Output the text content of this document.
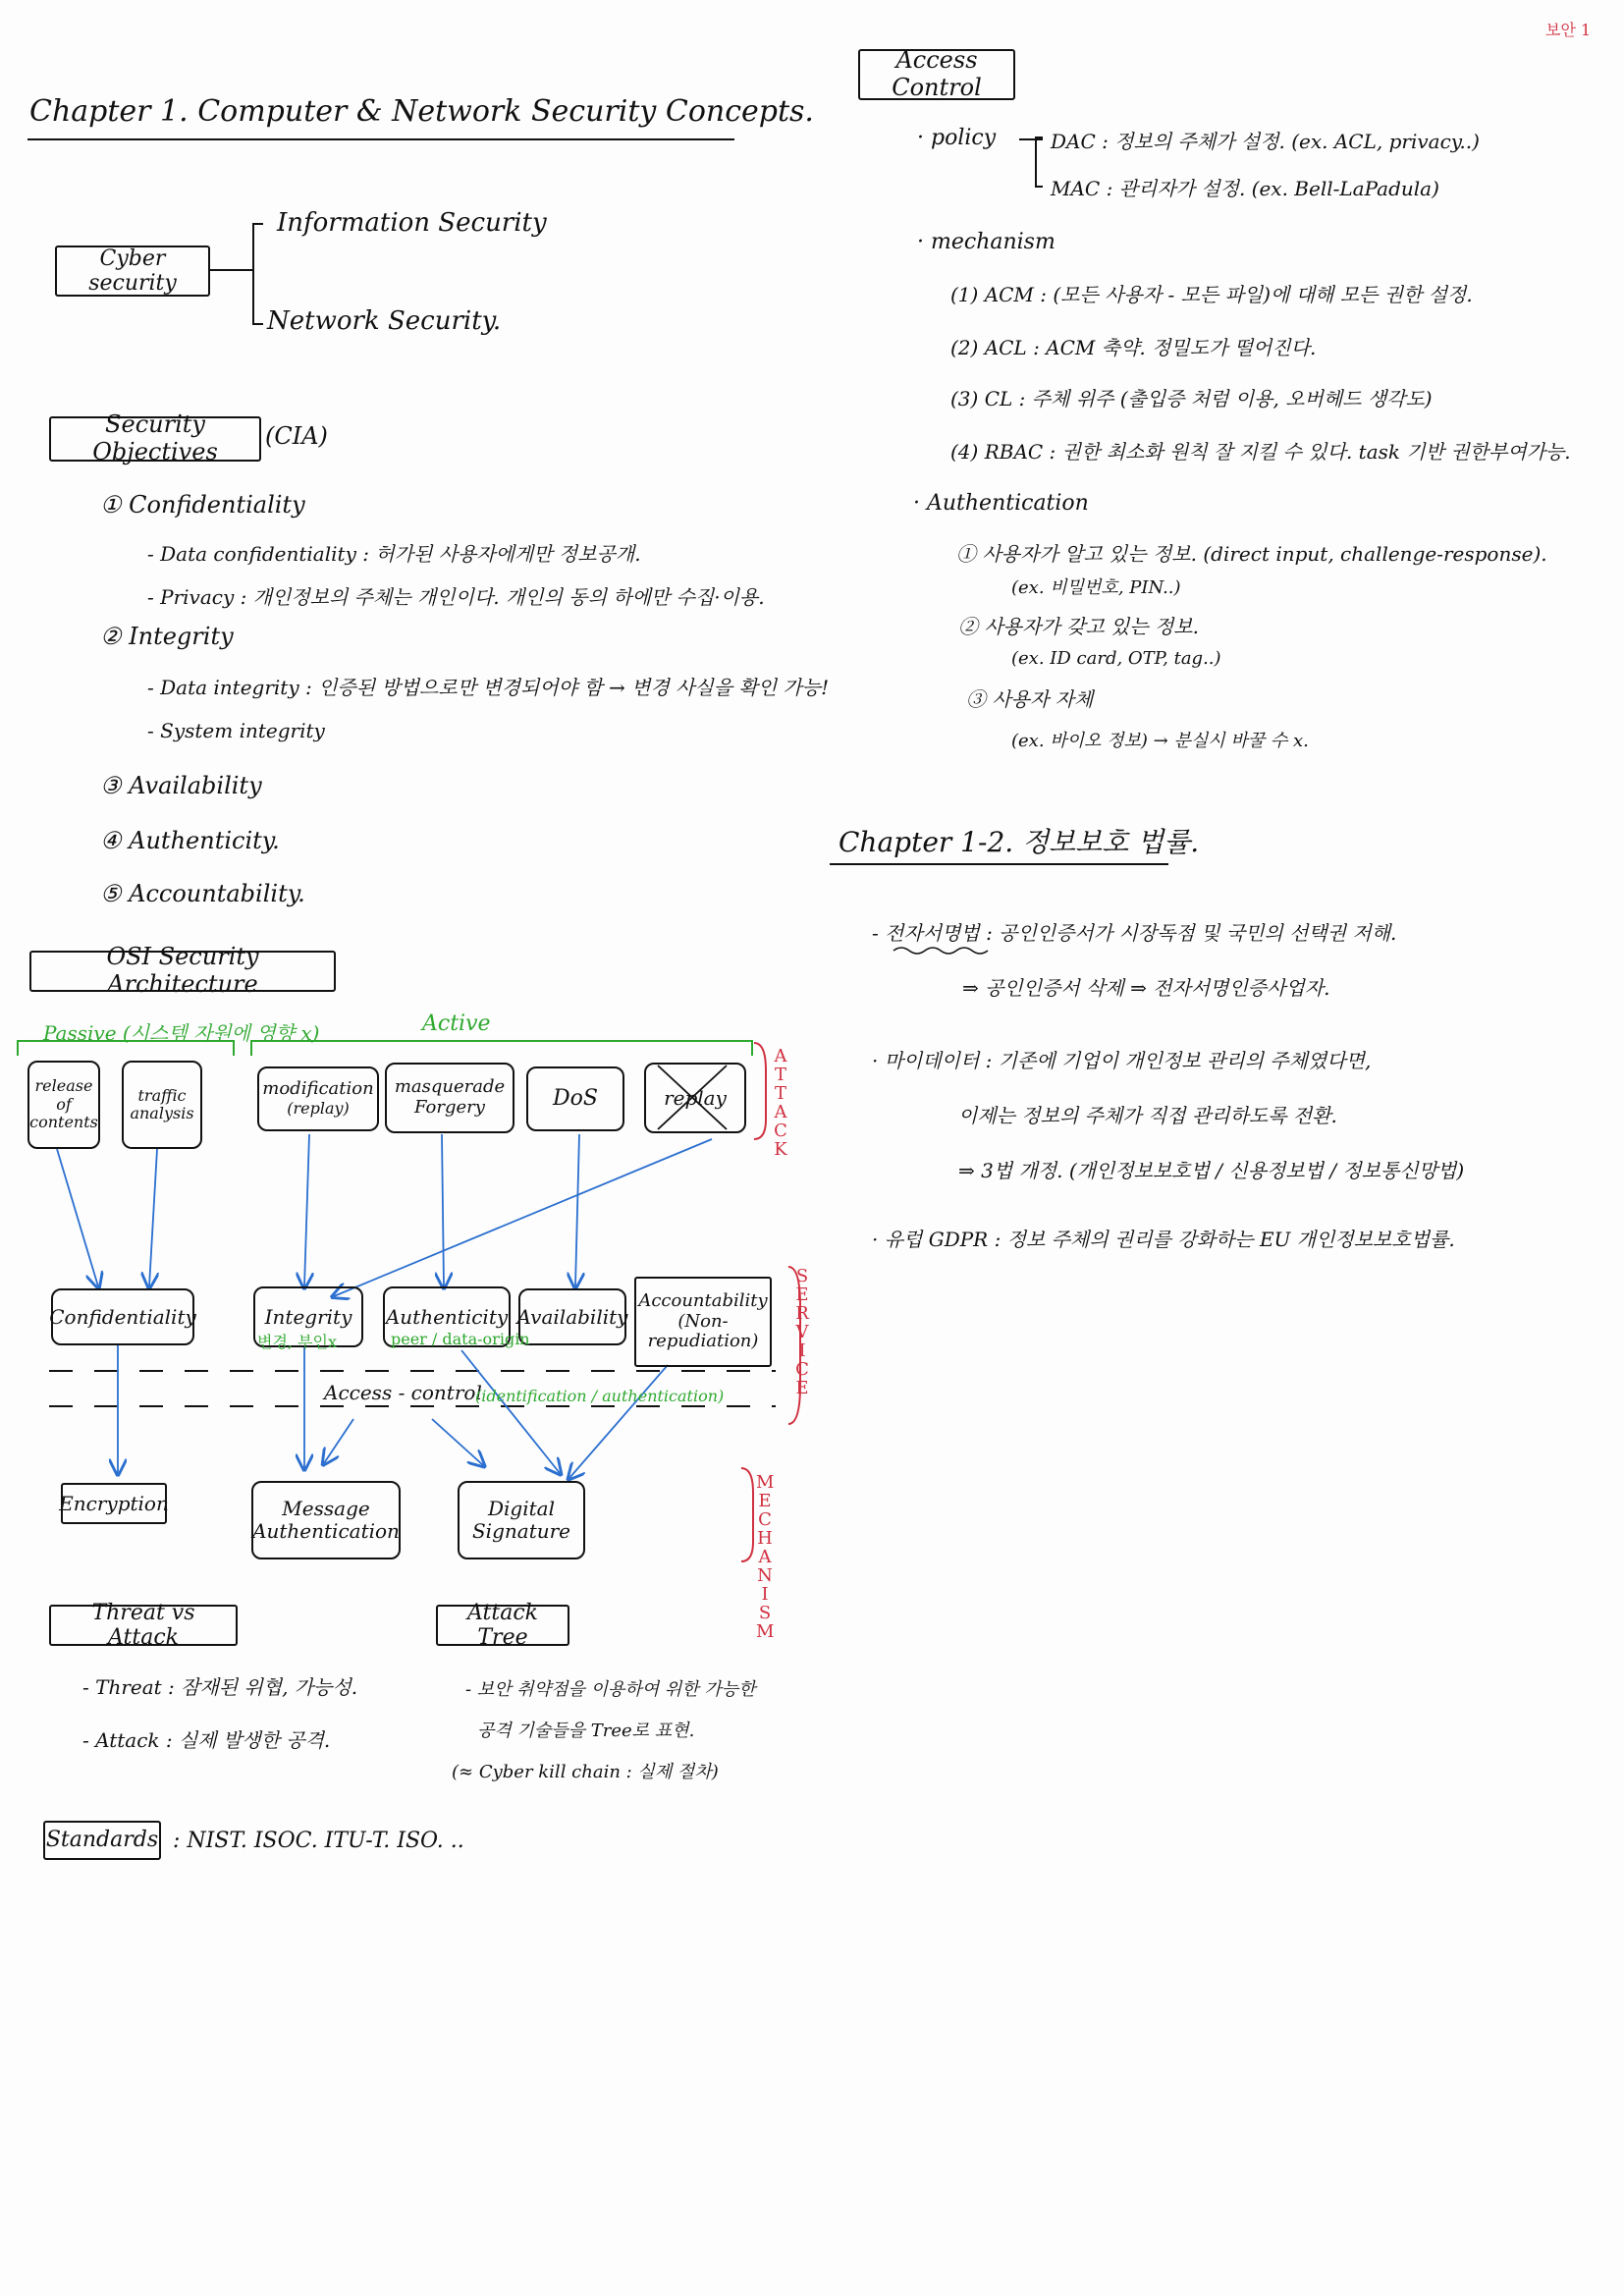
보안 1
Chapter 1. Computer & Network Security Concepts.
Cyber security
Information Security
Network Security.
Security Objectives
(CIA)
① Confidentiality
- Data confidentiality : 허가된 사용자에게만 정보공개.
- Privacy : 개인정보의 주체는 개인이다. 개인의 동의 하에만 수집·이용.
② Integrity
- Data integrity : 인증된 방법으로만 변경되어야 함 → 변경 사실을 확인 가능!
- System integrity
③ Availability
④ Authenticity.
⑤ Accountability.
OSI Security Architecture
Passive (시스템 자원에 영향 x)	Active
ATTACK
release of contents
traffic analysis
modification
(replay)
masquerade Forgery	DoS	replay
SERVICE
Confidentiality	Integrity	Authenticity Availability
Accountability (Non-repudiation)
변경, 부인x	peer / data-origin
Access - control
(identification / authentication)
MECHANISM
Encryption	Message Authentication
Digital Signature
Threat vs Attack
- Threat : 잠재된 위협, 가능성.
- Attack : 실제 발생한 공격.
Attack Tree
- 보안 취약점을 이용하여 위한 가능한
공격 기술들을 Tree로 표현.
(≈ Cyber kill chain : 실제 절차)
Standards : NIST. ISOC. ITU-T. ISO. ..
Access Control
· policy	DAC : 정보의 주체가 설정. (ex. ACL, privacy..)
MAC : 관리자가 설정. (ex. Bell-LaPadula)
· mechanism
(1) ACM : (모든 사용자 - 모든 파일)에 대해 모든 권한 설정.
(2) ACL : ACM 축약. 정밀도가 떨어진다.
(3) CL : 주체 위주 (출입증 처럼 이용, 오버헤드 생각도)
(4) RBAC : 권한 최소화 원칙 잘 지킬 수 있다. task 기반 권한부여가능.
· Authentication
① 사용자가 알고 있는 정보. (direct input, challenge-response).
(ex. 비밀번호, PIN..)
② 사용자가 갖고 있는 정보.
(ex. ID card, OTP, tag..)
③ 사용자 자체
(ex. 바이오 정보) → 분실시 바꿀 수 x.
Chapter 1-2. 정보보호 법률.
- 전자서명법 : 공인인증서가 시장독점 및 국민의 선택권 저해.
⇒ 공인인증서 삭제 ⇒ 전자서명인증사업자.
· 마이데이터 : 기존에 기업이 개인정보 관리의 주체였다면,
이제는 정보의 주체가 직접 관리하도록 전환.
⇒ 3법 개정. (개인정보보호법 / 신용정보법 / 정보통신망법)
· 유럽 GDPR : 정보 주체의 권리를 강화하는 EU 개인정보보호법률.
